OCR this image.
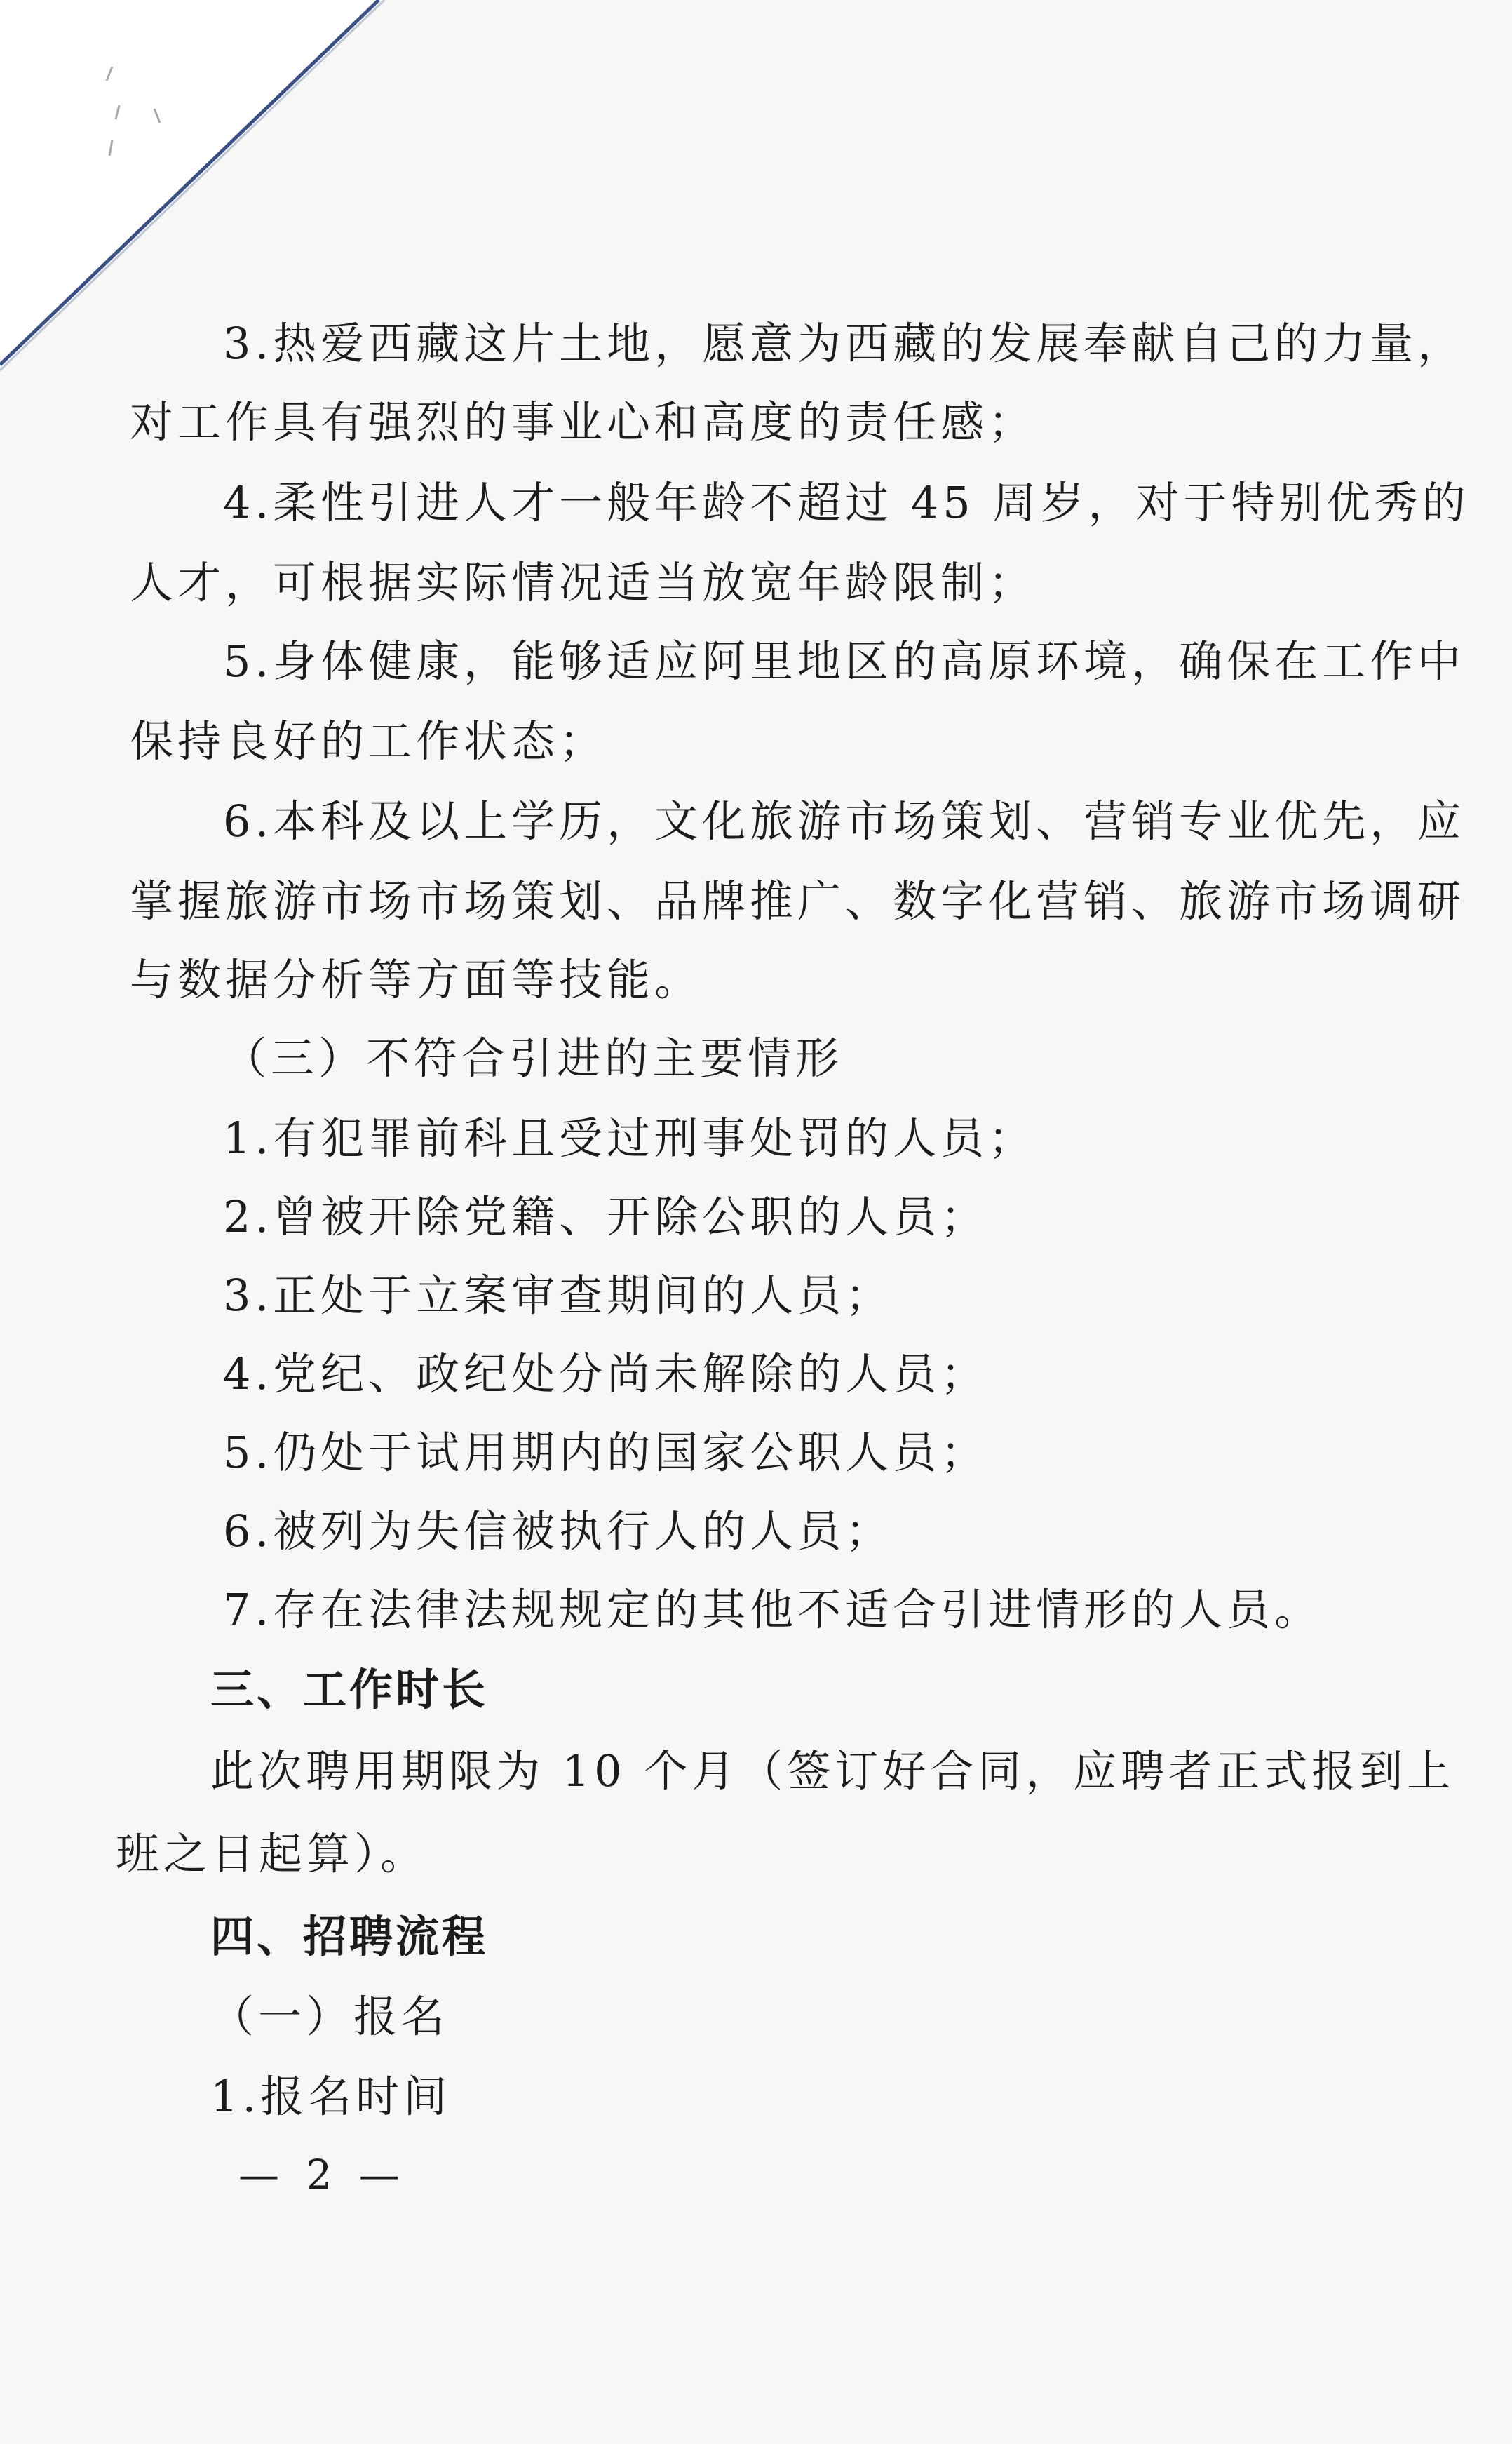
3.热爱西藏这片土地，愿意为西藏的发展奉献自己的力量，
对工作具有强烈的事业心和高度的责任感；
4.柔性引进人才一般年龄不超过 45 周岁，对于特别优秀的
人才，可根据实际情况适当放宽年龄限制；
5.身体健康，能够适应阿里地区的高原环境，确保在工作中
保持良好的工作状态；
6.本科及以上学历，文化旅游市场策划、营销专业优先，应
掌握旅游市场市场策划、品牌推广、数字化营销、旅游市场调研
与数据分析等方面等技能。
（三）不符合引进的主要情形
1.有犯罪前科且受过刑事处罚的人员；
2.曾被开除党籍、开除公职的人员；
3.正处于立案审查期间的人员；
4.党纪、政纪处分尚未解除的人员；
5.仍处于试用期内的国家公职人员；
6.被列为失信被执行人的人员；
7.存在法律法规规定的其他不适合引进情形的人员。
三、工作时长
此次聘用期限为 10 个月（签订好合同，应聘者正式报到上
班之日起算）。
四、招聘流程
（一）报名
1.报名时间
— 2 —
